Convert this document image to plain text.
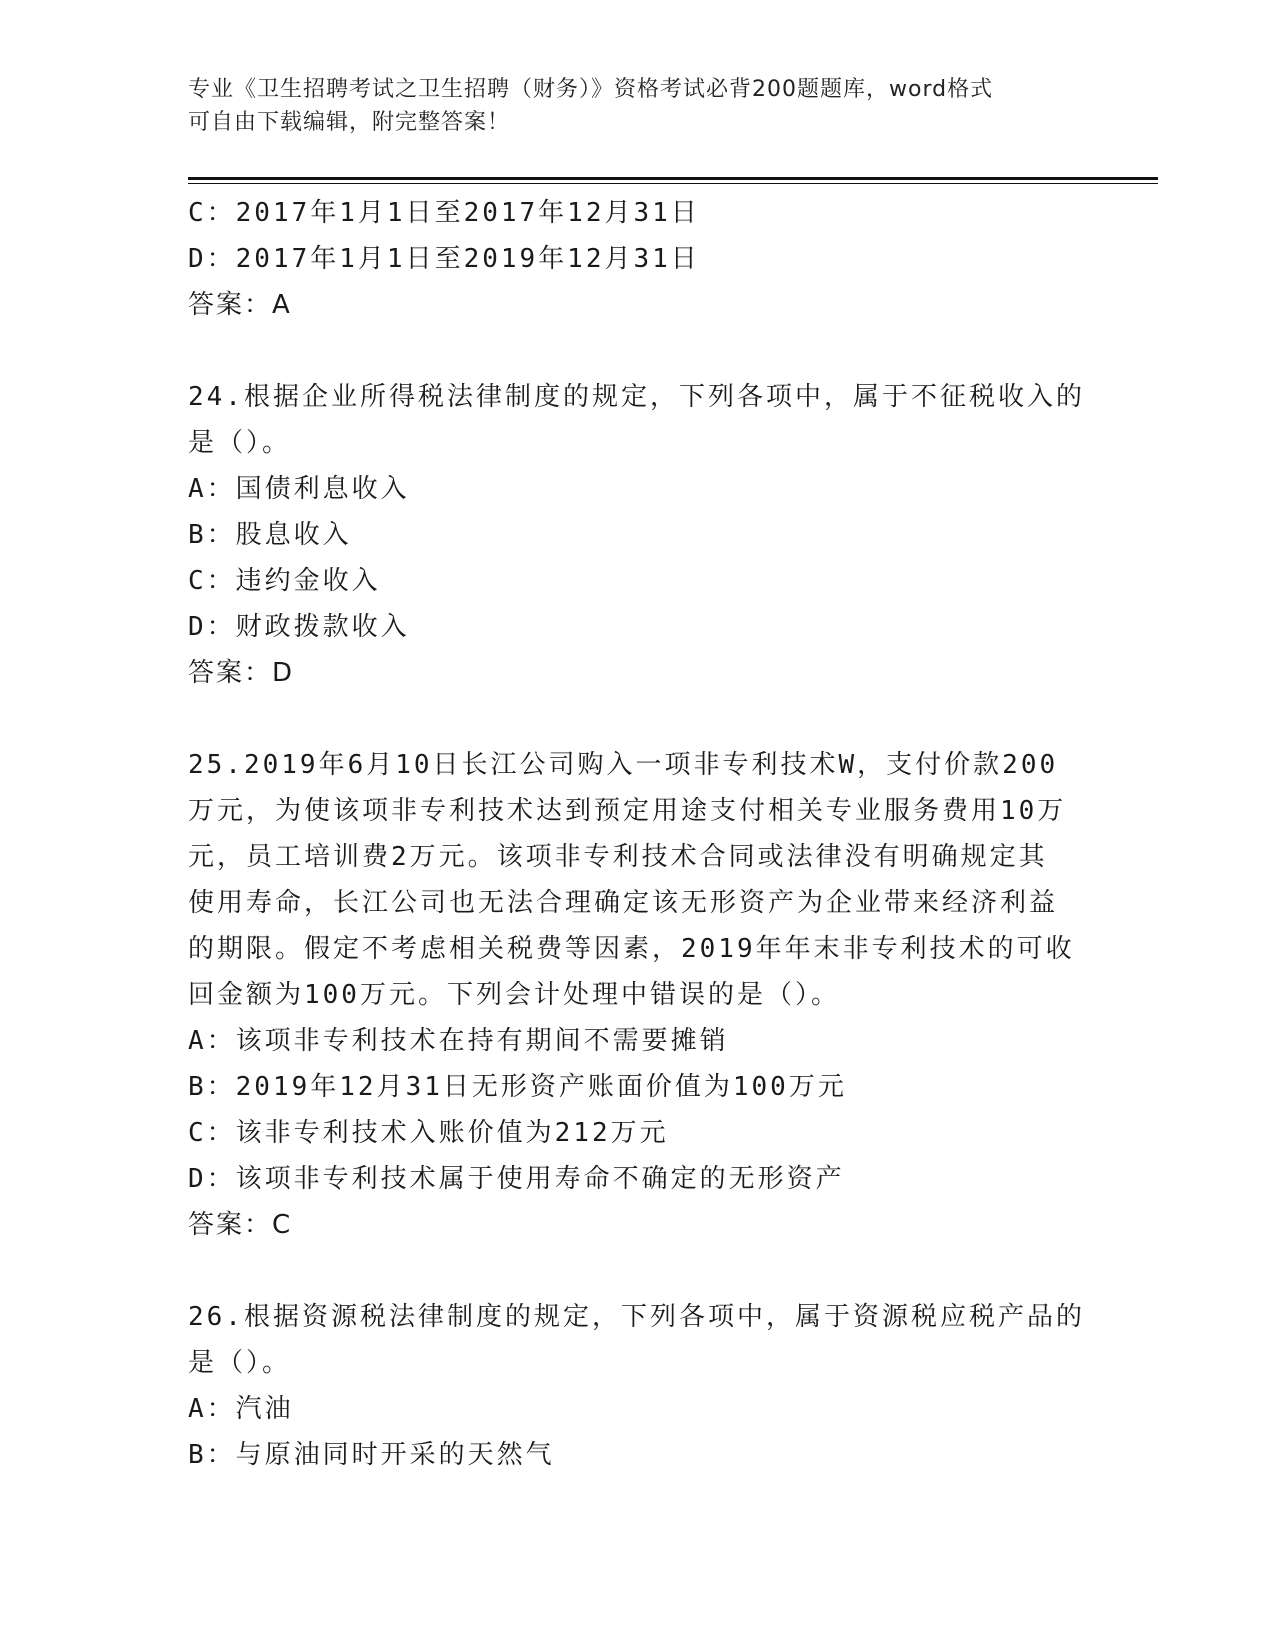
专业《卫生招聘考试之卫生招聘（财务）》资格考试必背200题题库，word格式
可自由下载编辑，附完整答案！

C：2017年1月1日至2017年12月31日

D：2017年1月1日至2019年12月31日

答案：A

24.根据企业所得税法律制度的规定，下列各项中，属于不征税收入的

是（）。

A：国债利息收入

B：股息收入

C：违约金收入

D：财政拨款收入

答案：D

25.2019年6月10日长江公司购入一项非专利技术W，支付价款200

万元，为使该项非专利技术达到预定用途支付相关专业服务费用10万

元，员工培训费2万元。该项非专利技术合同或法律没有明确规定其

使用寿命，长江公司也无法合理确定该无形资产为企业带来经济利益

的期限。假定不考虑相关税费等因素，2019年年末非专利技术的可收

回金额为100万元。下列会计处理中错误的是（）。

A：该项非专利技术在持有期间不需要摊销

B：2019年12月31日无形资产账面价值为100万元

C：该非专利技术入账价值为212万元

D：该项非专利技术属于使用寿命不确定的无形资产

答案：C

26.根据资源税法律制度的规定，下列各项中，属于资源税应税产品的

是（）。

A：汽油

B：与原油同时开采的天然气
